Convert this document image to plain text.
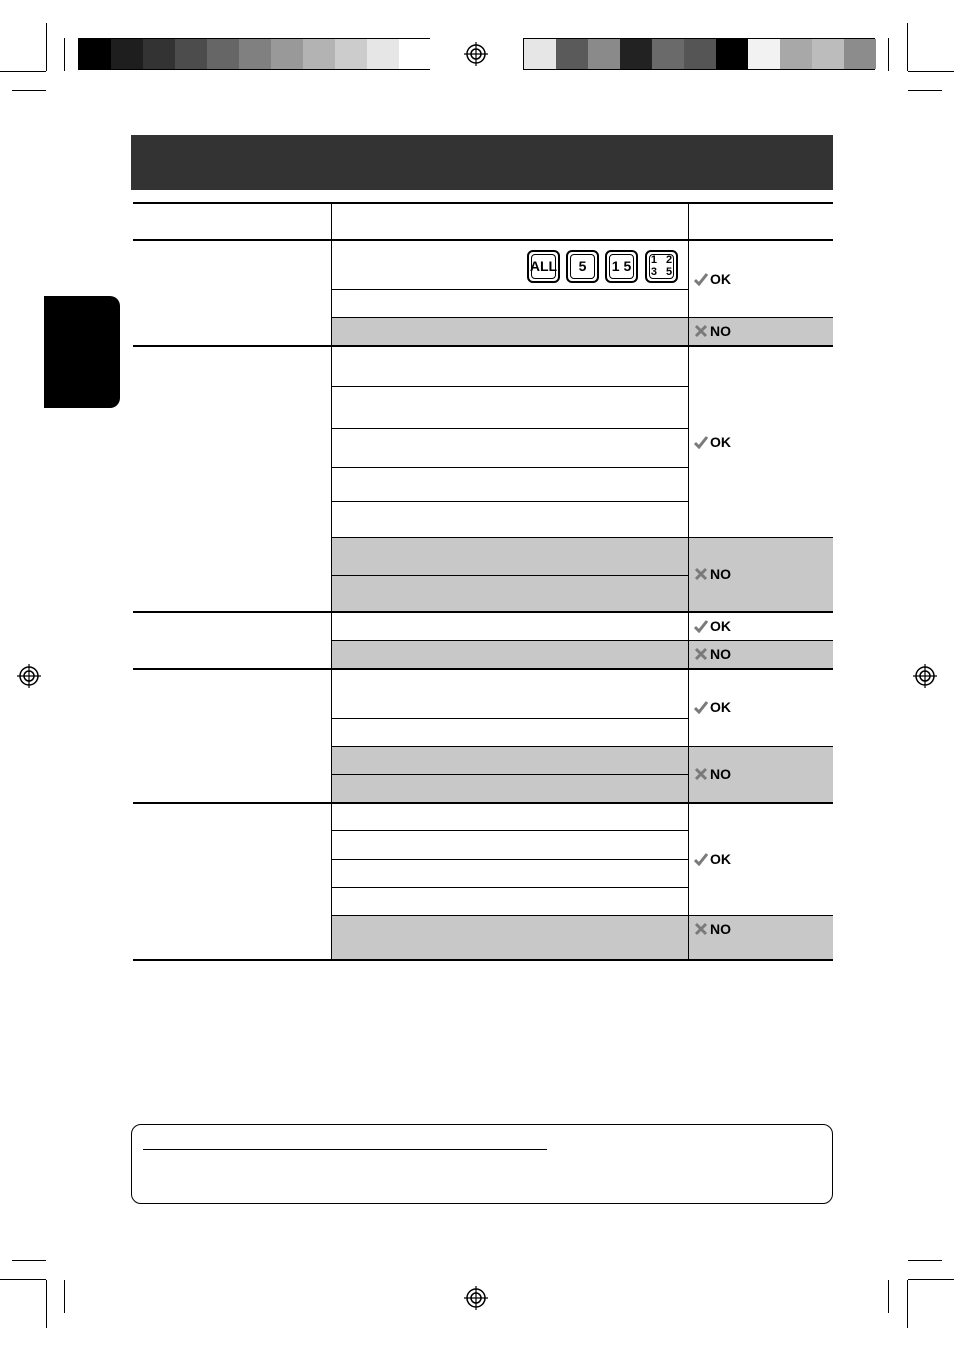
ALL	5	1 5	1 2 3 5	OK
NO
OK
NO
OK
NO
OK
NO
OK
NO
